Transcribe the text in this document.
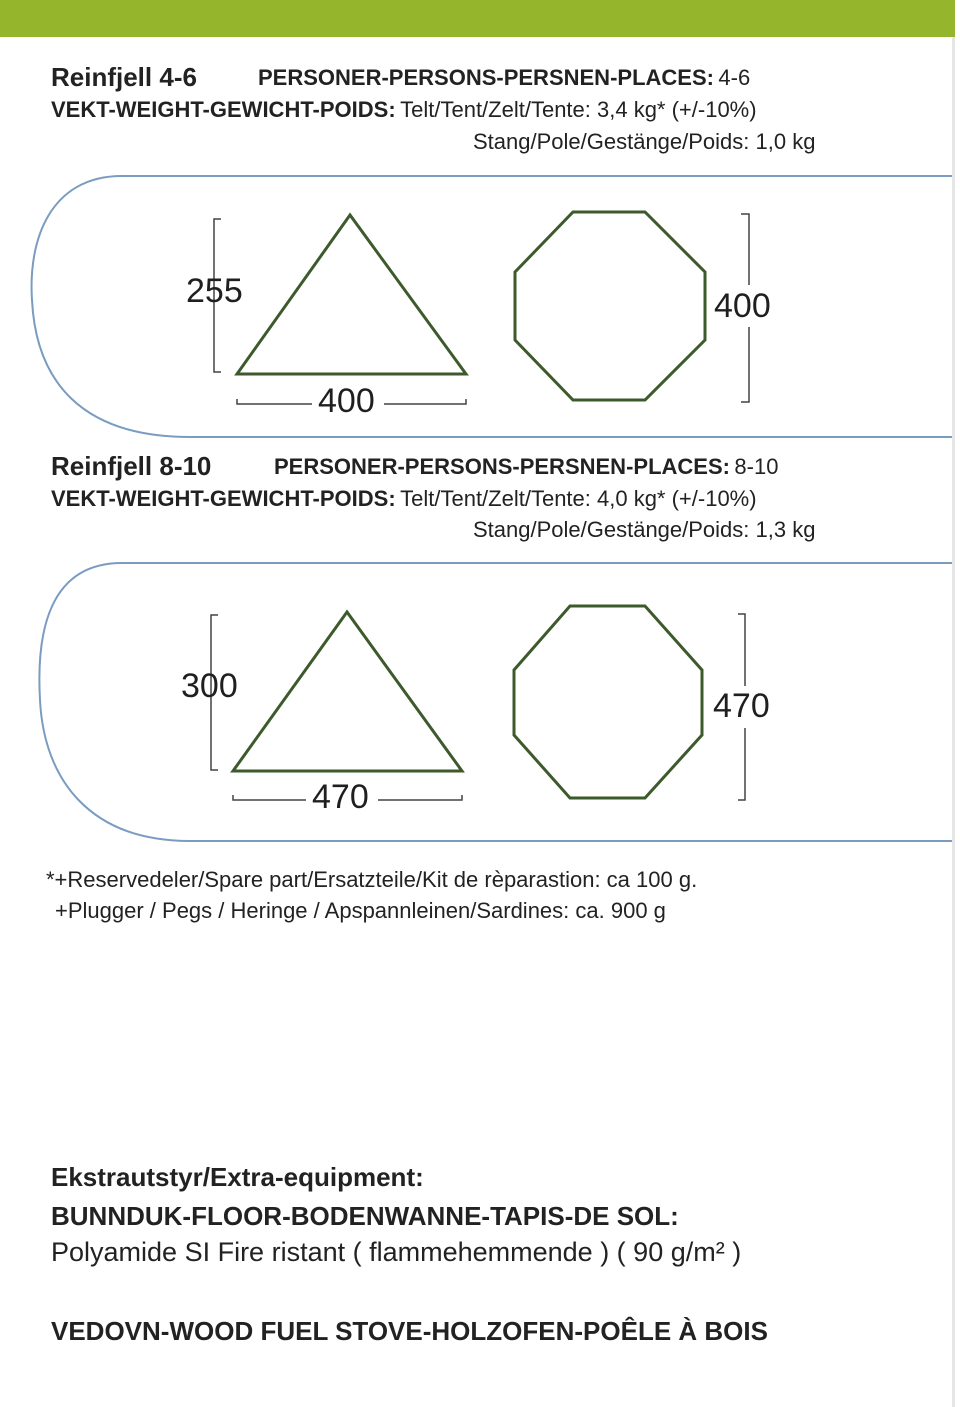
Reinfjell 4-6	PERSONER-PERSONS-PERSNEN-PLACES: 4-6
VEKT-WEIGHT-GEWICHT-POIDS: Telt/Tent/Zelt/Tente: 3,4 kg* (+/-10%)
Stang/Pole/Gestänge/Poids: 1,0 kg
Reinfjell 8-10	PERSONER-PERSONS-PERSNEN-PLACES: 8-10
VEKT-WEIGHT-GEWICHT-POIDS: Telt/Tent/Zelt/Tente: 4,0 kg* (+/-10%)
Stang/Pole/Gestänge/Poids: 1,3 kg
255
400
400
300
470
470
*+Reservedeler/Spare part/Ersatzteile/Kit de rèparastion: ca 100 g.
+Plugger / Pegs / Heringe / Apspannleinen/Sardines: ca. 900 g
Ekstrautstyr/Extra-equipment:
BUNNDUK-FLOOR-BODENWANNE-TAPIS-DE SOL:
Polyamide SI Fire ristant ( flammehemmende ) ( 90 g/m² )
VEDOVN-WOOD FUEL STOVE-HOLZOFEN-POÊLE À BOIS
